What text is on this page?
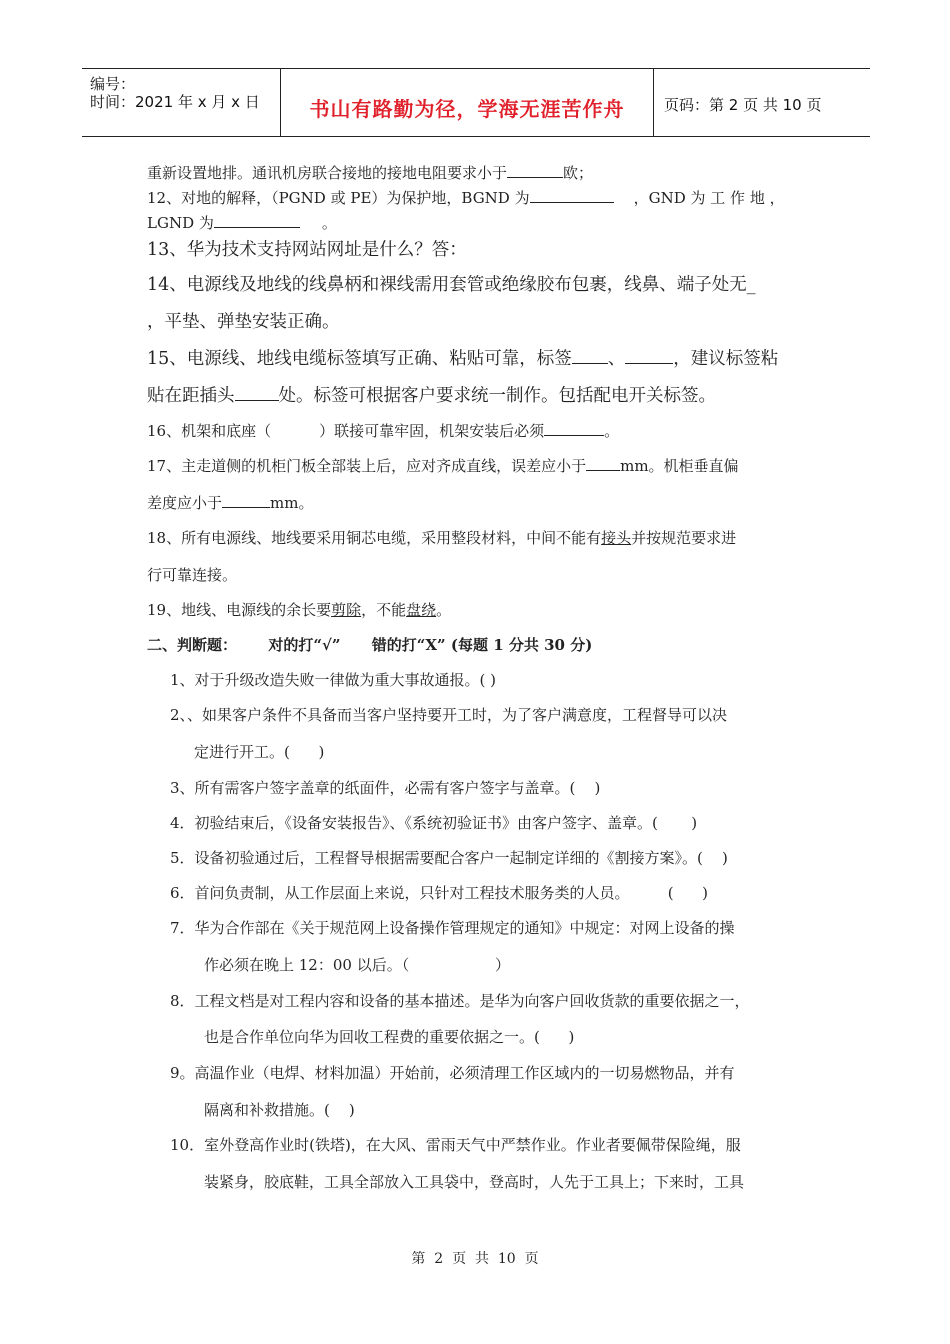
编号：
时间：2021 年 x 月 x 日	书山有路勤为径，学海无涯苦作舟	页码：第 2 页 共 10 页
重新设置地排。通讯机房联合接地的接地电阻要求小于	欧；
12、对地的解释，（PGND 或 PE）为保护地，BGND 为	，GND 为 工 作 地 ，
LGND 为	。
13、华为技术支持网站网址是什么？答：
14、电源线及地线的线鼻柄和裸线需用套管或绝缘胶布包裹，线鼻、端子处无_
，平垫、弹垫安装正确。
15、电源线、地线电缆标签填写正确、粘贴可靠，标签 、	，建议标签粘
贴在距插头	处。标签可根据客户要求统一制作。包括配电开关标签。
16、机架和底座（	）联接可靠牢固，机架安装后必须	。
17、主走道侧的机柜门板全部装上后，应对齐成直线，误差应小于 mm。机柜垂直偏
差度应小于	mm。
18、所有电源线、地线要采用铜芯电缆，采用整段材料，中间不能有接头并按规范要求进
行可靠连接。
19、地线、电源线的余长要剪除，不能盘绕。
二、判断题：      对的打“√”      错的打“X” (每题 1 分共 30 分)
1、对于升级改造失败一律做为重大事故通报。( )
2、、如果客户条件不具备而当客户坚持要开工时，为了客户满意度，工程督导可以决
定进行开工。(      )
3、所有需客户签字盖章的纸面件，必需有客户签字与盖章。(    )
4．初验结束后，《设备安装报告》、《系统初验证书》由客户签字、盖章。(       )
5．设备初验通过后，工程督导根据需要配合客户一起制定详细的《割接方案》。(    )
6．首问负责制，从工作层面上来说，只针对工程技术服务类的人员。        (      )
7．华为合作部在《关于规范网上设备操作管理规定的通知》中规定：对网上设备的操
作必须在晚上 12：00 以后。（                  ）
8．工程文档是对工程内容和设备的基本描述。是华为向客户回收货款的重要依据之一，
也是合作单位向华为回收工程费的重要依据之一。(      )
9。高温作业（电焊、材料加温）开始前，必须清理工作区域内的一切易燃物品，并有
隔离和补救措施。(    )
10．室外登高作业时(铁塔)，在大风、雷雨天气中严禁作业。作业者要佩带保险绳，服
装紧身，胶底鞋，工具全部放入工具袋中，登高时，人先于工具上；下来时，工具
第  2  页  共  10  页
